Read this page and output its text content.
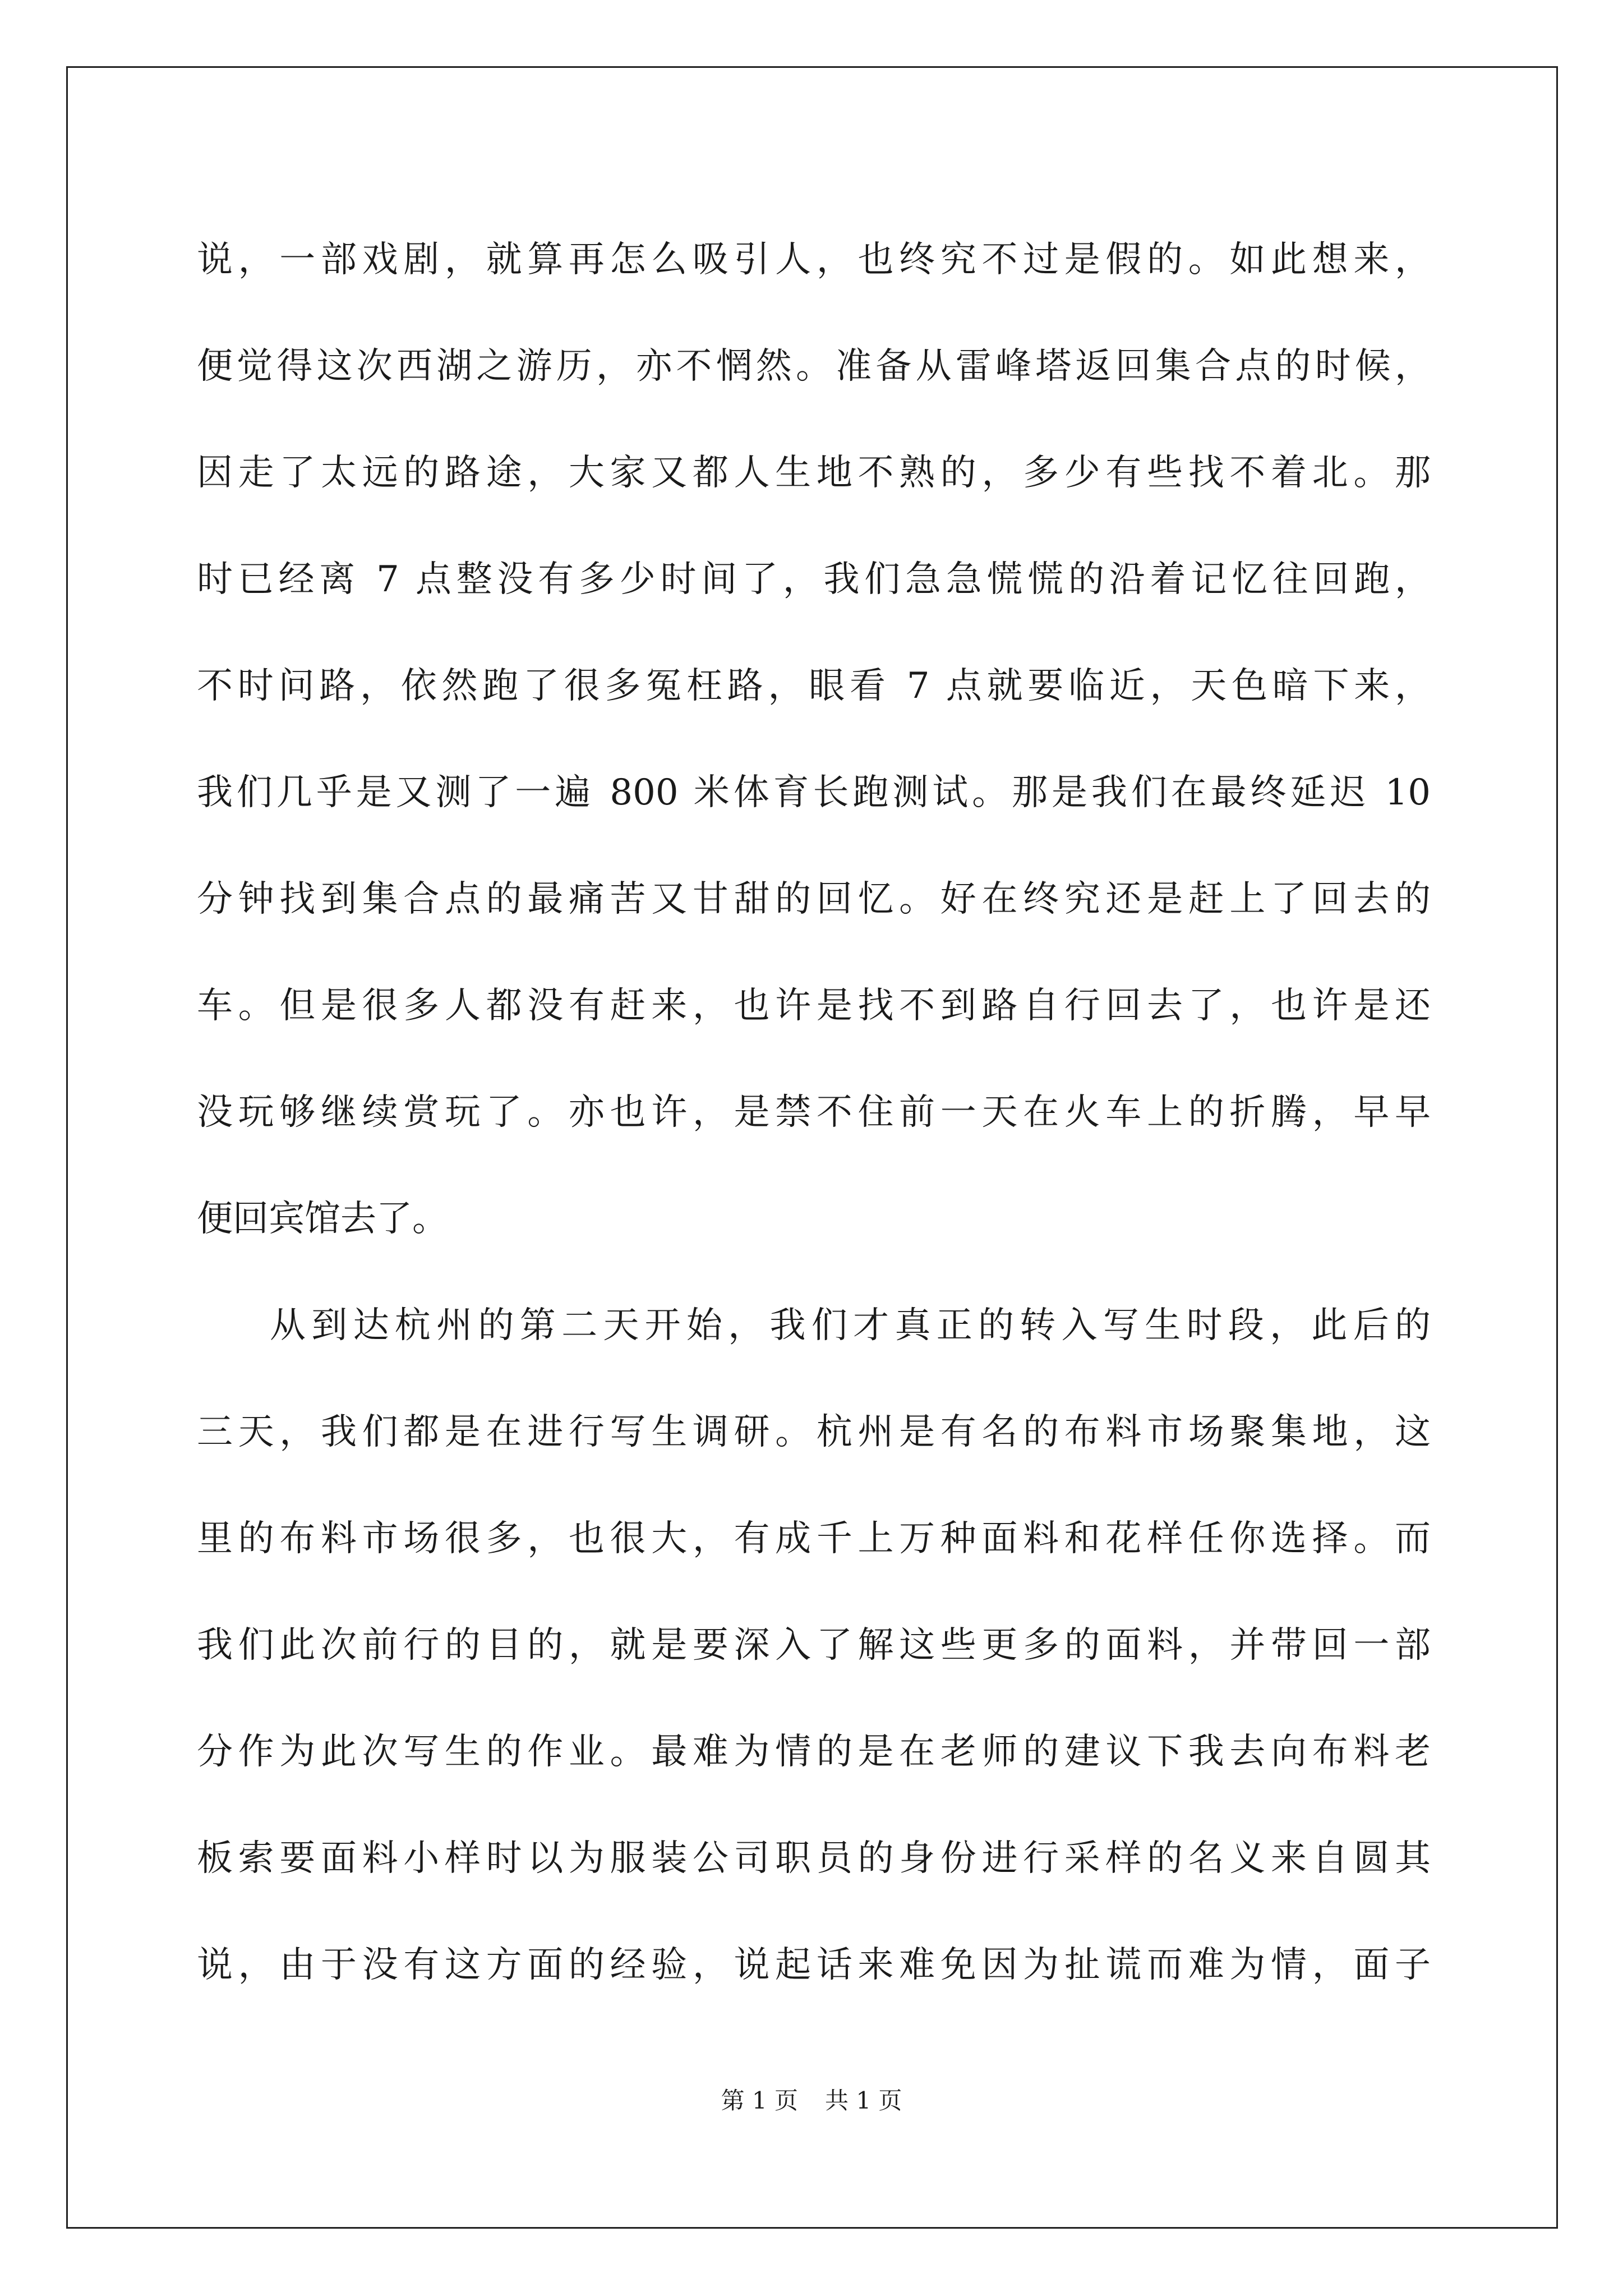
说，一部戏剧，就算再怎么吸引人，也终究不过是假的。如此想来，
便觉得这次西湖之游历，亦不惘然。准备从雷峰塔返回集合点的时候，
因走了太远的路途，大家又都人生地不熟的，多少有些找不着北。那
时已经离 7 点整没有多少时间了，我们急急慌慌的沿着记忆往回跑，
不时问路，依然跑了很多冤枉路，眼看 7 点就要临近，天色暗下来，
我们几乎是又测了一遍 800 米体育长跑测试。那是我们在最终延迟 10
分钟找到集合点的最痛苦又甘甜的回忆。好在终究还是赶上了回去的
车。但是很多人都没有赶来，也许是找不到路自行回去了，也许是还
没玩够继续赏玩了。亦也许，是禁不住前一天在火车上的折腾，早早
便回宾馆去了。
从到达杭州的第二天开始，我们才真正的转入写生时段，此后的
三天，我们都是在进行写生调研。杭州是有名的布料市场聚集地，这
里的布料市场很多，也很大，有成千上万种面料和花样任你选择。而
我们此次前行的目的，就是要深入了解这些更多的面料，并带回一部
分作为此次写生的作业。最难为情的是在老师的建议下我去向布料老
板索要面料小样时以为服装公司职员的身份进行采样的名义来自圆其
说，由于没有这方面的经验，说起话来难免因为扯谎而难为情，面子
第 1 页 共 1 页
